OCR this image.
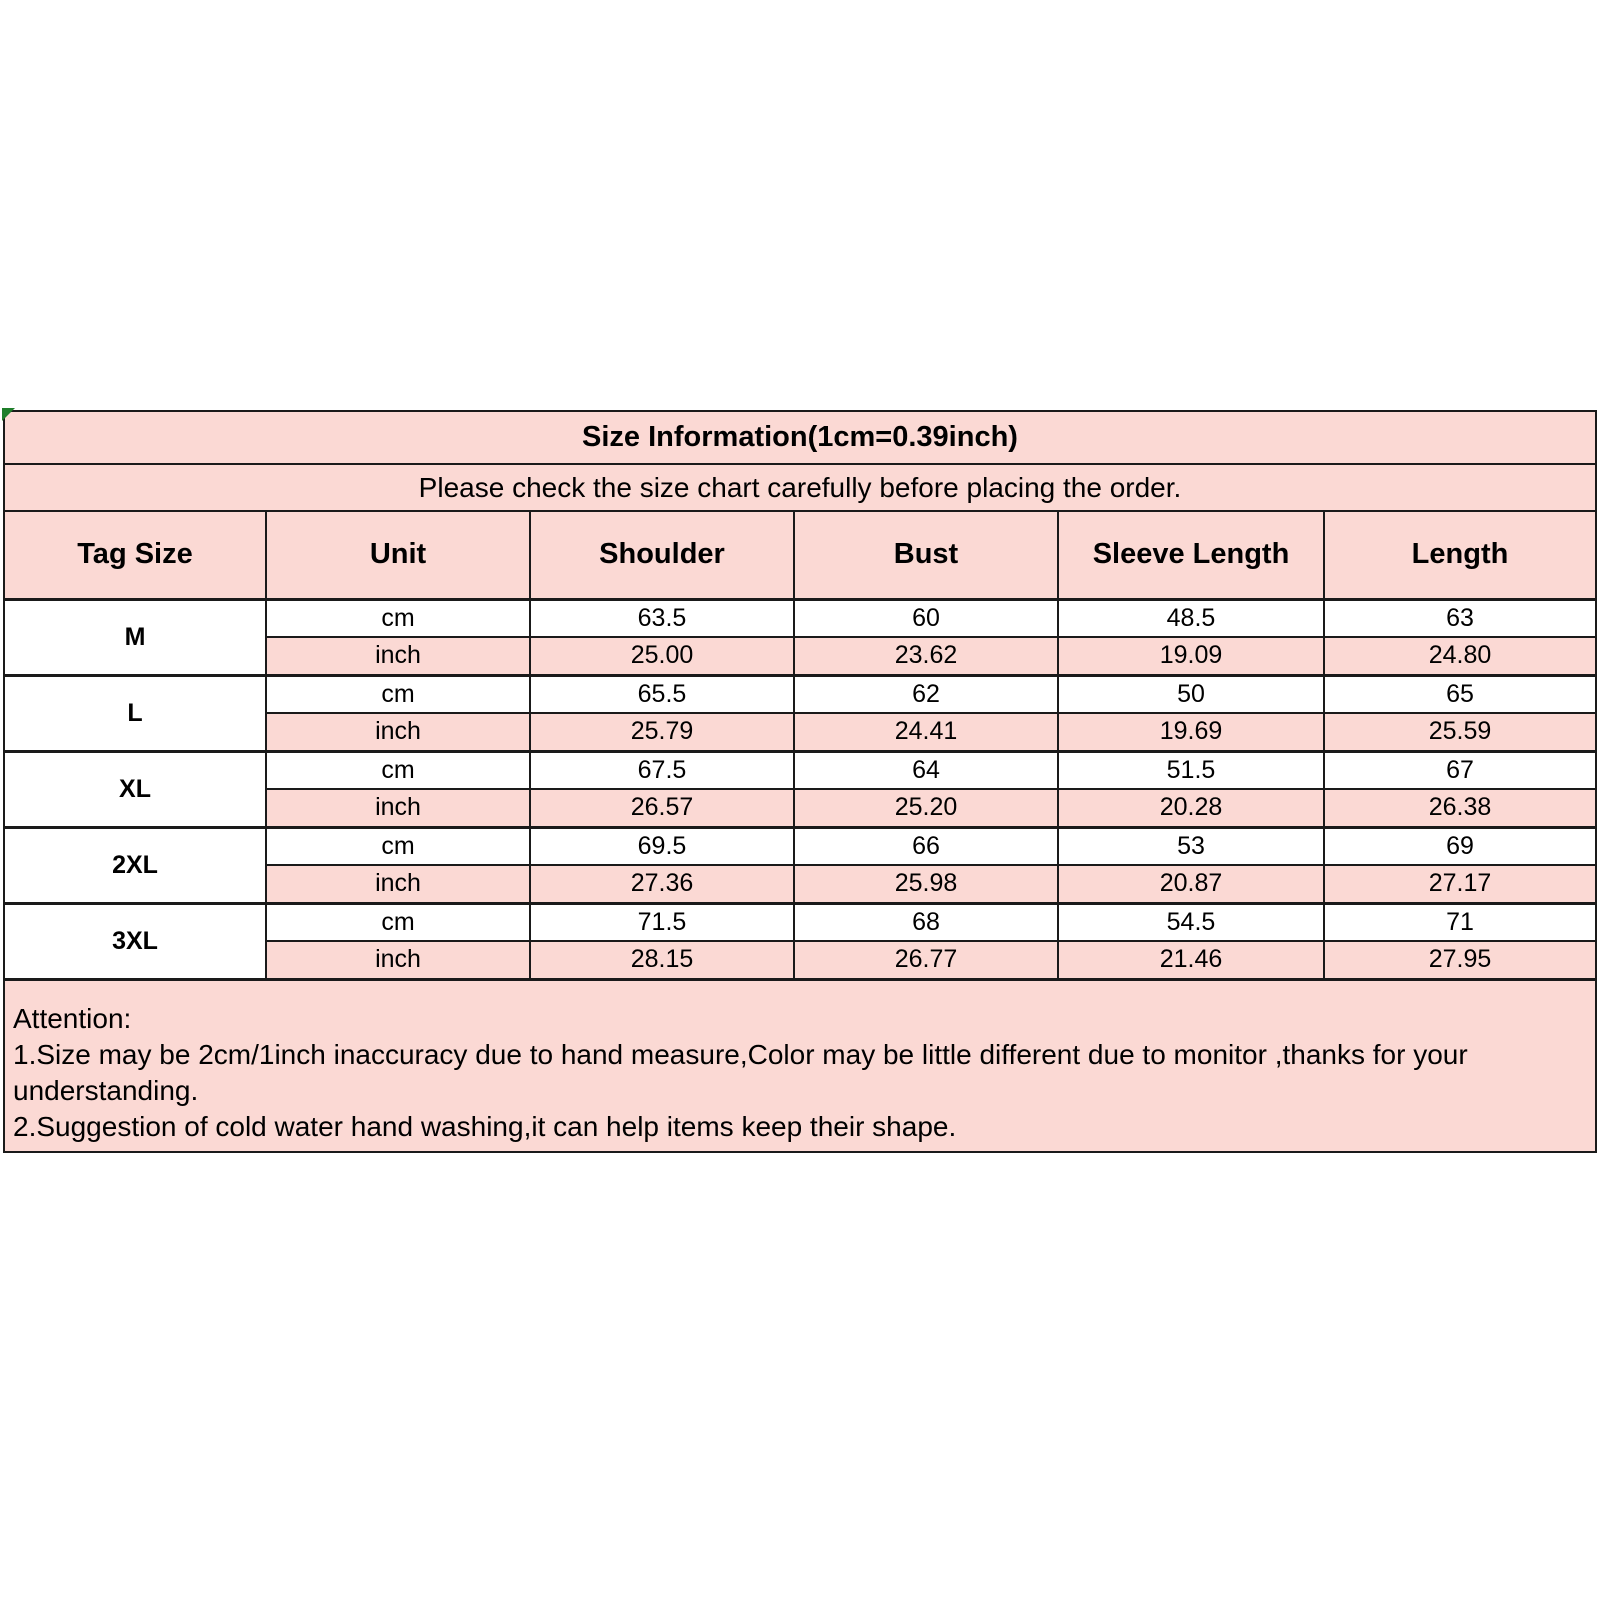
Size Information(1cm=0.39inch)					
Please check the size chart carefully before placing the order.					
Tag Size	Unit	Shoulder	Bust	Sleeve Length	Length
M	cm	63.5	60	48.5	63
	inch	25.00	23.62	19.09	24.80
L	cm	65.5	62	50	65
	inch	25.79	24.41	19.69	25.59
XL	cm	67.5	64	51.5	67
	inch	26.57	25.20	20.28	26.38
2XL	cm	69.5	66	53	69
	inch	27.36	25.98	20.87	27.17
3XL	cm	71.5	68	54.5	71
	inch	28.15	26.77	21.46	27.95

Attention:
1.Size may be 2cm/1inch inaccuracy due to hand measure,Color may be little different due to monitor ,thanks for your
understanding.
2.Suggestion of cold water hand washing,it can help items keep their shape.					
